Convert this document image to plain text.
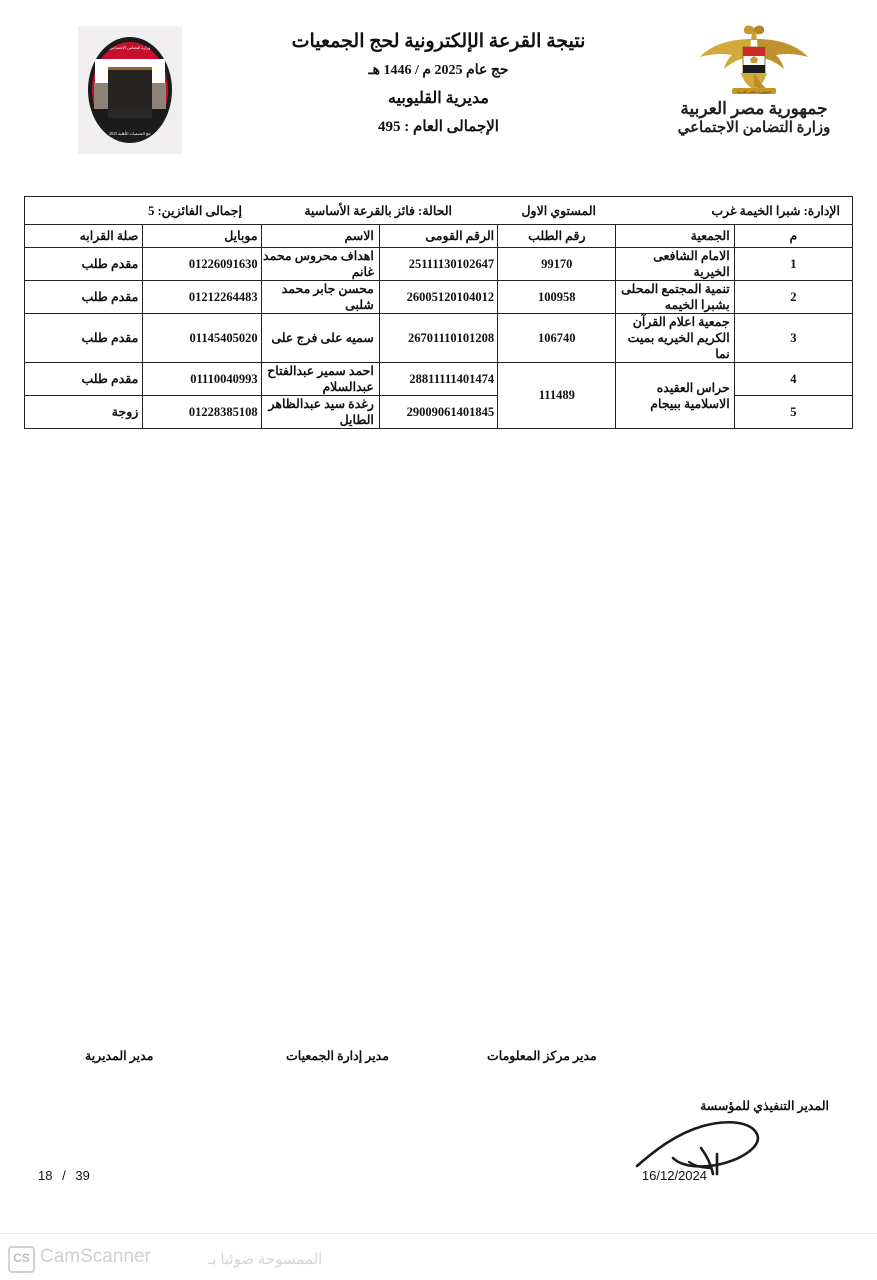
وزارة التضامن الاجتماعي
حج الجمعيات الأهلية 2025
نتيجة القرعة الإلكترونية لحج الجمعيات
حج عام 2025 م / 1446 هـ
مديرية القليوبيه
الإجمالى العام : 495
جمهورية مصر العربية
جمهورية مصر العربية
وزارة التضامن الاجتماعي
الإدارة: شبرا الخيمة غرب
المستوي الاول
الحالة: فائز بالقرعة الأساسية
إجمالى الفائزين: 5						

م	الجمعية	رقم الطلب	الرقم القومى	الاسم	موبايل	صلة القرابه
1	الامام الشافعى الخيرية	99170	25111130102647	اهداف محروس محمد غانم	01226091630	مقدم طلب
2	تنمية المجتمع المحلى بشبرا الخيمه	100958	26005120104012	محسن جابر محمد شلبى	01212264483	مقدم طلب
3	جمعية اعلام القرآن الكريم الخيريه بميت نما	106740	26701110101208	سميه على فرج على	01145405020	مقدم طلب
4	حراس العقيده الاسلامية ببيجام	111489	28811111401474	احمد سمير عبدالفتاح عبدالسلام	01110040993	مقدم طلب
5			29009061401845	رغدة سيد عبدالظاهر الطايل	01228385108	زوجة
مدير المديرية	مدير إدارة الجمعيات	مدير مركز المعلومات
المدير التنفيذي للمؤسسة
18 / 39	16/12/2024
CS CamScanner	الممسوحة ضوئيا بـ
